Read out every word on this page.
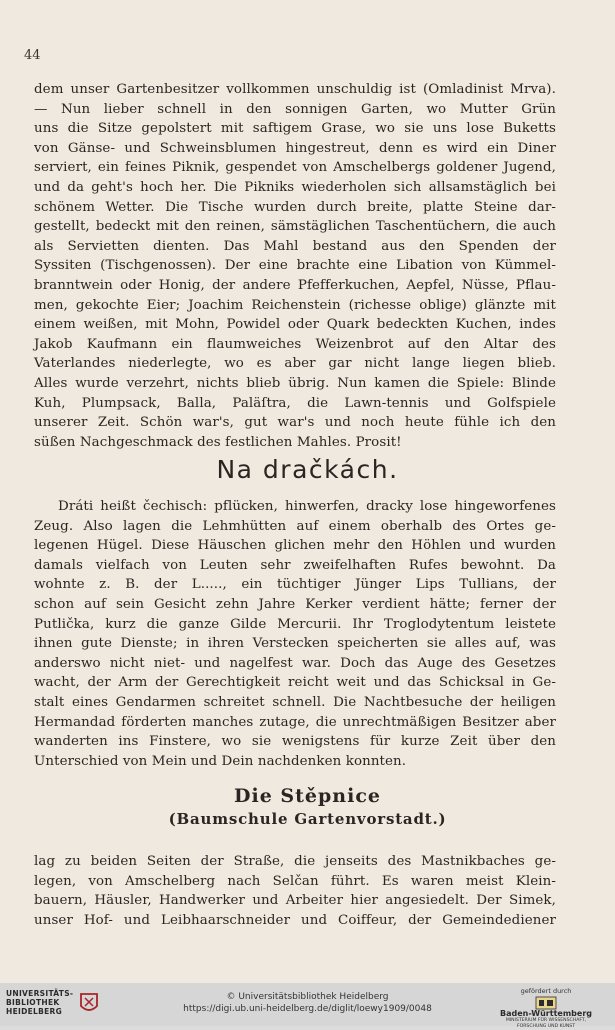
44
dem unser Gartenbesitzer vollkommen unschuldig ist (Omladinist Mrva).
— Nun lieber schnell in den sonnigen Garten, wo Mutter Grün
uns die Sitze gepolstert mit saftigem Grase, wo sie uns lose Buketts
von Gänse- und Schweinsblumen hingestreut, denn es wird ein Diner
serviert, ein feines Piknik, gespendet von Amschelbergs goldener Jugend,
und da geht's hoch her. Die Pikniks wiederholen sich allsamstäglich bei
schönem Wetter. Die Tische wurden durch breite, platte Steine dar-
gestellt, bedeckt mit den reinen, sämstäglichen Taschentüchern, die auch
als Servietten dienten. Das Mahl bestand aus den Spenden der
Syssiten (Tischgenossen). Der eine brachte eine Libation von Kümmel-
branntwein oder Honig, der andere Pfefferkuchen, Aepfel, Nüsse, Pflau-
men, gekochte Eier; Joachim Reichenstein (richesse oblige) glänzte mit
einem weißen, mit Mohn, Powidel oder Quark bedeckten Kuchen, indes
Jakob Kaufmann ein flaumweiches Weizenbrot auf den Altar des
Vaterlandes niederlegte, wo es aber gar nicht lange liegen blieb.
Alles wurde verzehrt, nichts blieb übrig. Nun kamen die Spiele: Blinde
Kuh, Plumpsack, Balla, Paläſtra, die Lawn-tennis und Golfspiele
unserer Zeit. Schön war's, gut war's und noch heute fühle ich den
süßen Nachgeschmack des festlichen Mahles. Prosit!
Na dračkách.
Dráti heißt čechisch: pflücken, hinwerfen, dracky lose hingeworfenes
Zeug. Also lagen die Lehmhütten auf einem oberhalb des Ortes ge-
legenen Hügel. Diese Häuschen glichen mehr den Höhlen und wurden
damals vielfach von Leuten sehr zweifelhaften Rufes bewohnt. Da
wohnte z. B. der L....., ein tüchtiger Jünger Lips Tullians, der
schon auf sein Gesicht zehn Jahre Kerker verdient hätte; ferner der
Putlička, kurz die ganze Gilde Mercurii. Ihr Troglodytentum leistete
ihnen gute Dienste; in ihren Verstecken speicherten sie alles auf, was
anderswo nicht niet- und nagelfest war. Doch das Auge des Gesetzes
wacht, der Arm der Gerechtigkeit reicht weit und das Schicksal in Ge-
stalt eines Gendarmen schreitet schnell. Die Nachtbesuche der heiligen
Hermandad förderten manches zutage, die unrechtmäßigen Besitzer aber
wanderten ins Finstere, wo sie wenigstens für kurze Zeit über den
Unterschied von Mein und Dein nachdenken konnten.
Die Stěpnice
(Baumschule Gartenvorstadt.)
lag zu beiden Seiten der Straße, die jenseits des Mastnikbaches ge-
legen, von Amschelberg nach Selčan führt. Es waren meist Klein-
bauern, Häusler, Handwerker und Arbeiter hier angesiedelt. Der Simek,
unser Hof- und Leibhaarschneider und Coiffeur, der Gemeindediener
UNIVERSITÄTS-
BIBLIOTHEK
HEIDELBERG
© Universitätsbibliothek Heidelberg
https://digi.ub.uni-heidelberg.de/diglit/loewy1909/0048
gefördert durch
Baden-Württemberg
MINISTERIUM FÜR WISSENSCHAFT, FORSCHUNG UND KUNST
